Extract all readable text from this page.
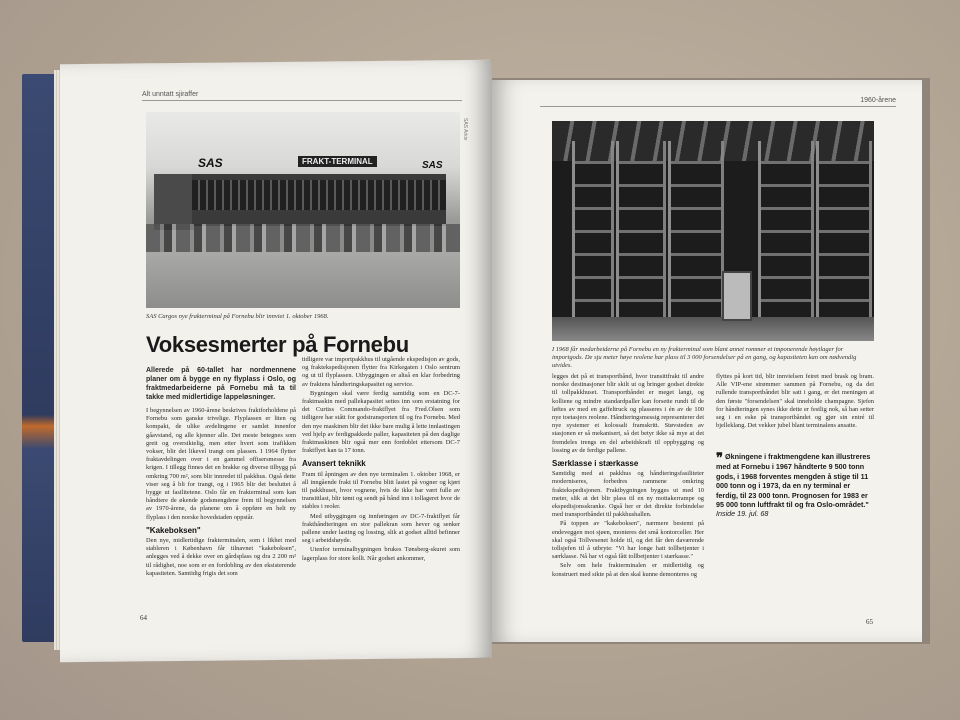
Alt unntatt sjiraffer
1960-årene
SAS	FRAKT-TERMINAL	SAS
SAS Arkiv
SAS Cargos nye frakterminal på Fornebu blir innviet 1. oktober 1968.
Voksesmerter på Fornebu

Allerede på 60-tallet har nordmennene planer om å bygge en ny flyplass i Oslo, og fraktmedarbeiderne på Fornebu må ta til takke med midlertidige lappeløsninger.

I begynnelsen av 1960-årene beskrives fraktforholdene på Fornebu som ganske trivelige. Flyplassen er liten og kompakt, de ulike avdelingene er samlet innenfor gåavstand, og alle kjenner alle. Det meste betegnes som greit og oversiktelig, men etter hvert som trafikken vokser, blir det likevel trangt om plassen. I 1964 flytter fraktavdelingen over i en gammel offisersmesse fra krigen. I tillegg finnes det en brakke og diverse tilbygg på omkring 700 m², som blir innredet til pakkhus. Også dette viser seg å bli for trangt, og i 1965 blir det besluttet å bygge ut fasilitetene. Oslo får en frakterminal som kan håndtere de økende godsmengdene frem til begynnelsen av 1970-årene, da planene om å oppføre en helt ny flyplass i den norske hovedstaden oppstår.

"Kakeboksen"

Den nye, midlertidige frakterminalen, som i likhet med stableren i København får tilnavnet "kakeboksen", anlegges ved å dekke over en gårdsplass og dra 2 200 m² til rådighet, noe som er en fordobling av den eksisterende kapasiteten. Samtidig frigis det som

tidligere var importpakkhus til utgående ekspedisjon av gods, og fraktekspedisjonen flytter fra Kirkegaten i Oslo sentrum og ut til flyplassen. Utbyggingen er altså en klar forbedring av fraktens håndteringskapasitet og service.

Bygningen skal være ferdig samtidig som en DC-7-fraktmaskin med pallekapasitet settes inn som erstatning for det Curtiss Commando-fraktflyet fra Fred.Olsen som tidligere har stått for godstransporten til og fra Fornebu. Med den nye maskinen blir det ikke bare mulig å lette innlastingen ved hjelp av ferdigpakkede paller, kapasiteten på den daglige fraktmaskinen blir også mer enn fordoblet ettersom DC-7 fraktflyet kan ta 17 tonn.

Avansert teknikk

Fram til åpningen av den nye terminalen 1. oktober 1968, er all inngående frakt til Fornebu blitt lastet på vogner og kjørt til pakkhuset, hvor vognene, hvis de ikke har vært fulle av transittlast, blir tømt og sendt på bånd inn i tollageret hvor de stables i reoler.

Med utbyggingen og innføringen av DC-7-fraktflyet får frakthåndteringen en stor pallekran som hever og senker pallene under lasting og lossing, slik at godset alltid befinner seg i arbeidshøyde.

Utenfor terminalbygningen brukes Tønsberg-skuret som lagerplass for store kolli. Når godset ankommer,

64
I 1968 får medarbeiderne på Fornebu en ny frakterminal som blant annet rommer et imponerende høytlager for importgods. De sju meter høye reolene har plass til 3 000 forsendelser på en gang, og kapasiteten kan om nødvendig utvides.

legges det på et transportbånd, hvor transittfrakt til andre norske destinasjoner blir skilt ut og bringer godset direkte til tollpakkhuset. Transportbåndet er meget langt, og kolliene og mindre standardpaller kan forsette rundt til de løftes av med en gaffeltruck og plasseres i én av de 100 nye toetasjers reolene. Håndteringsmessig representerer det nye systemer et kolossalt framskritt. Støvsteden av stasjonen er så mekanisert, så det betyr ikke så mye at det fremdeles trengs en del arbeidskraft til oppbygging og lossing av de ferdige pallene.

Særklasse i stærkasse

Samtidig med at pakkhus og håndteringsfasiliteter moderniseres, forbedres rammene omkring fraktekspedisjonen. Fraktbygningen bygges ut med 10 meter, slik at det blir plass til en ny mottakerrampe og ekspedisjonsskranke. Også her er det direkte forbindelse med transportbåndet til pakkhushallen.

På toppen av "kakeboksen", nærmere bestemt på endeveggen mot sjøen, monteres det små kontorceller. Her skal også Tollvesenet holde til, og det får den daværende tollsjefen til å utbryte: "Vi har longe hatt tollbetjenter i særklasse. Nå har vi også fått tollbetjenter i stærkasse."

Selv om hele frakterminalen er midlertidig og konstruert med sikte på at den skal kunne demonteres og

flyttes på kort tid, blir innvielsen feiret med brask og bram. Alle VIP-ene strømmer sammen på Fornebu, og da det rullende transportbåndet blir satt i gang, er det meningen at den første "forsendelsen" skal inneholde champagne. Sjefen for håndteringen synes ikke dette er festlig nok, så han setter seg i en eske på transportbåndet og gjør sin entré til bjelleklang. Det vekker jubel blant terminalens ansatte.

❞ Økningene i fraktmengdene kan illustreres med at Fornebu i 1967 håndterte 9 500 tonn gods, i 1968 forventes mengden å stige til 11 000 tonn og i 1973, da en ny terminal er ferdig, til 23 000 tonn. Prognosen for 1983 er 95 000 tonn luftfrakt til og fra Oslo-området." Inside 19. jul. 68
65
